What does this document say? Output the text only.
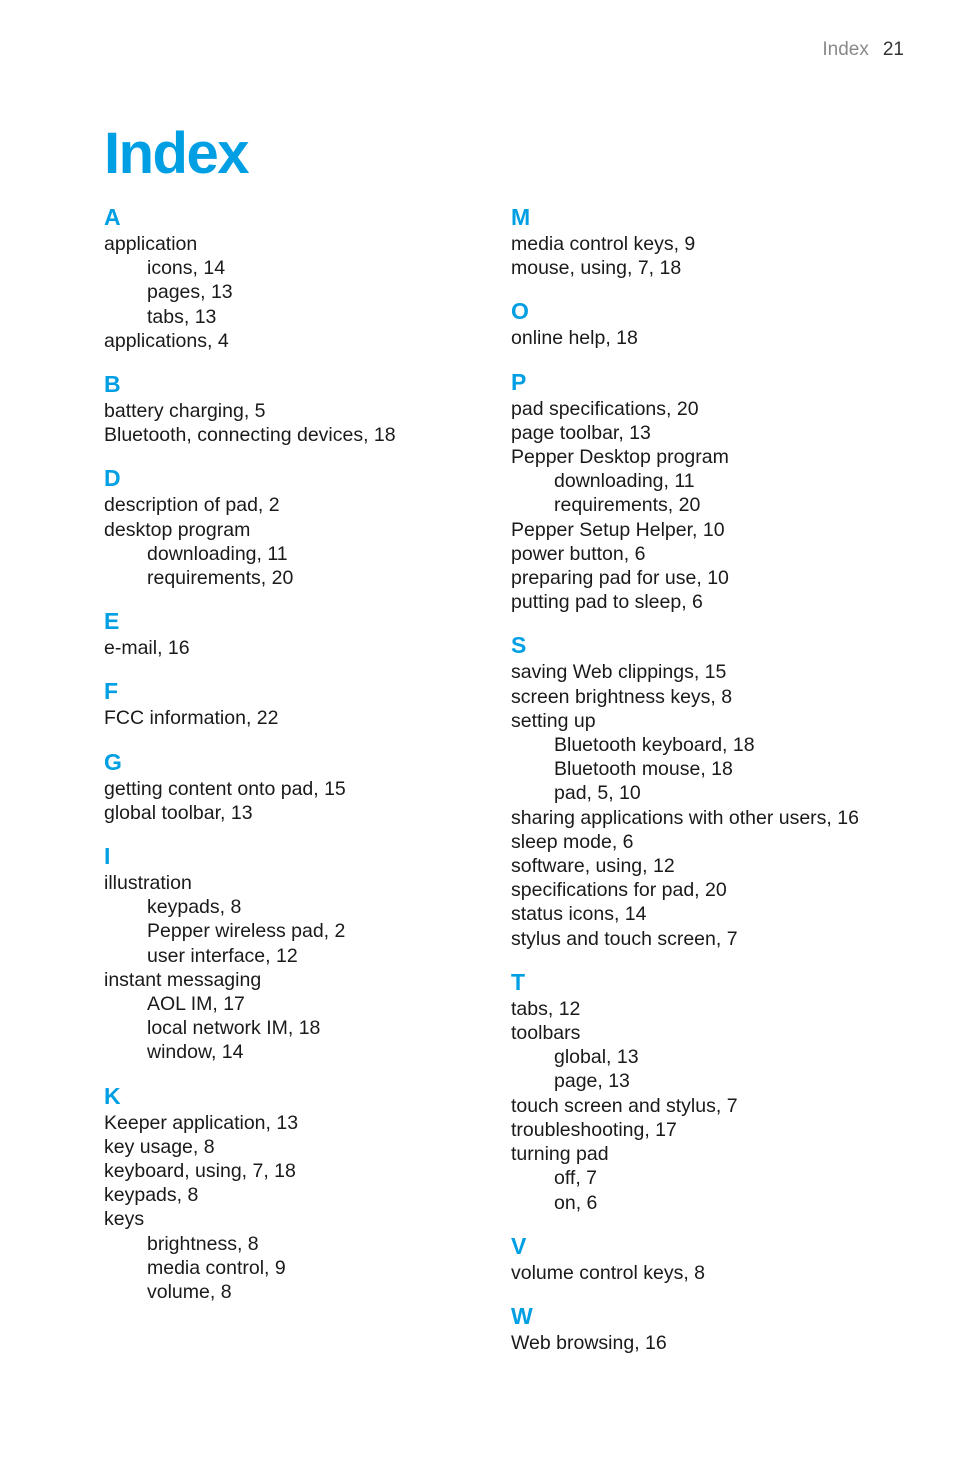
Index 21
Index
A
application
icons, 14
pages, 13
tabs, 13
applications, 4
B
battery charging, 5
Bluetooth, connecting devices, 18
D
description of pad, 2
desktop program
downloading, 11
requirements, 20
E
e-mail, 16
F
FCC information, 22
G
getting content onto pad, 15
global toolbar, 13
I
illustration
keypads, 8
Pepper wireless pad, 2
user interface, 12
instant messaging
AOL IM, 17
local network IM, 18
window, 14
K
Keeper application, 13
key usage, 8
keyboard, using, 7, 18
keypads, 8
keys
brightness, 8
media control, 9
volume, 8
M
media control keys, 9
mouse, using, 7, 18
O
online help, 18
P
pad specifications, 20
page toolbar, 13
Pepper Desktop program
downloading, 11
requirements, 20
Pepper Setup Helper, 10
power button, 6
preparing pad for use, 10
putting pad to sleep, 6
S
saving Web clippings, 15
screen brightness keys, 8
setting up
Bluetooth keyboard, 18
Bluetooth mouse, 18
pad, 5, 10
sharing applications with other users, 16
sleep mode, 6
software, using, 12
specifications for pad, 20
status icons, 14
stylus and touch screen, 7
T
tabs, 12
toolbars
global, 13
page, 13
touch screen and stylus, 7
troubleshooting, 17
turning pad
off, 7
on, 6
V
volume control keys, 8
W
Web browsing, 16
